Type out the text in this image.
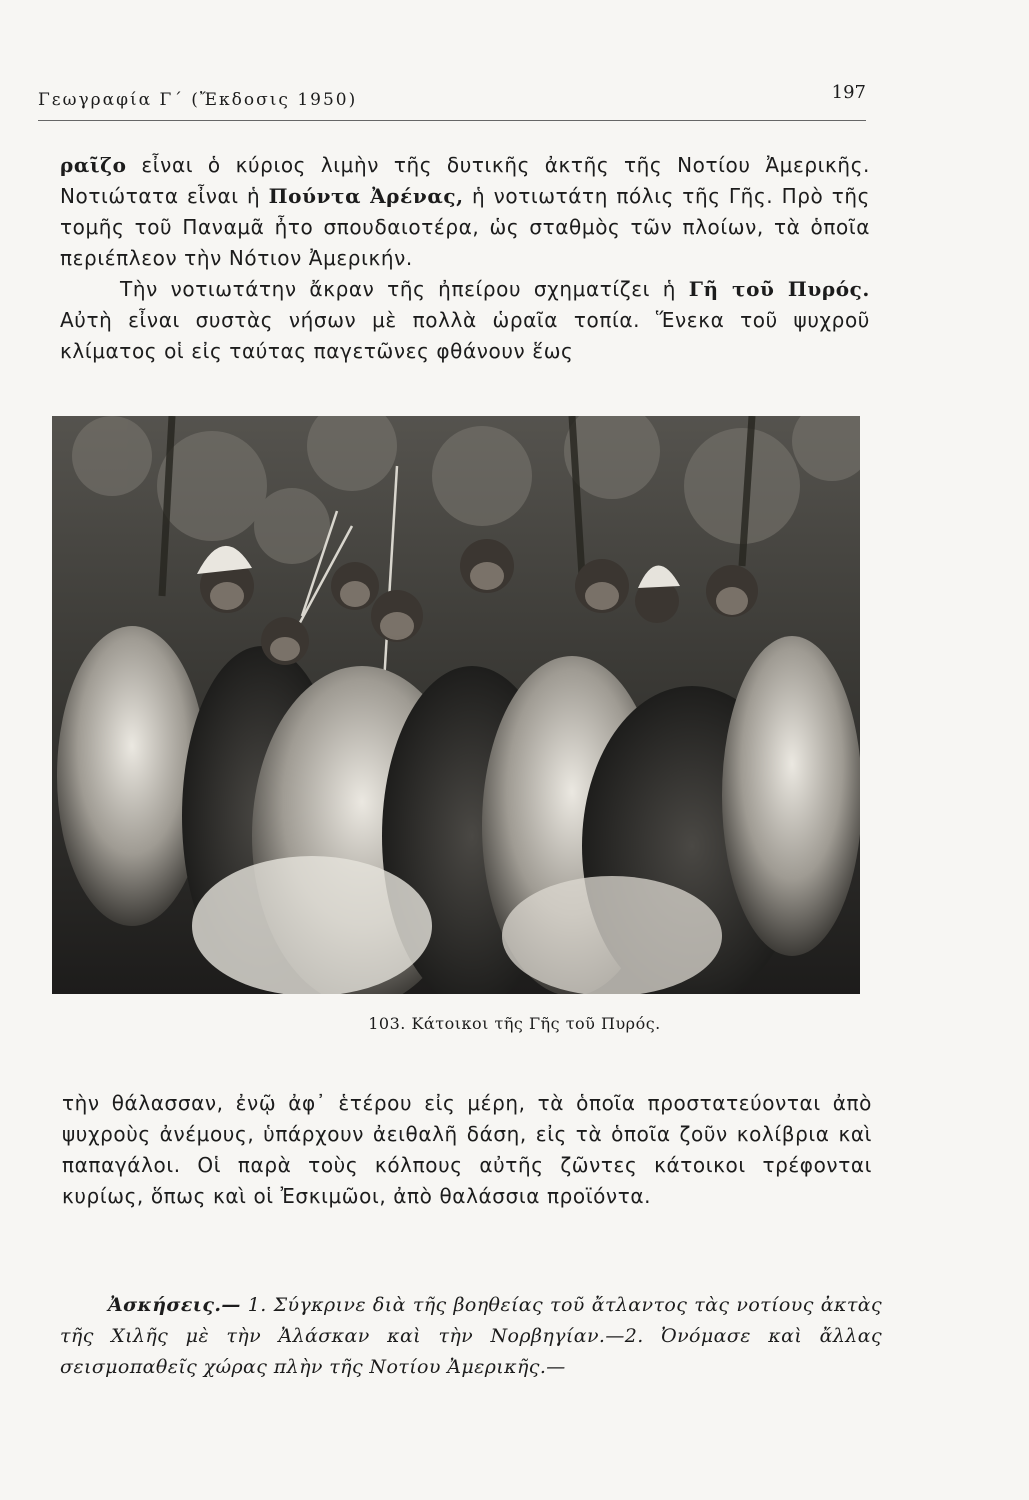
Γεωγραφία Γ΄ (Ἔκδοσις 1950)	197
ραῖζο εἶναι ὁ κύριος λιμὴν τῆς δυτικῆς ἀκτῆς τῆς Νοτίου Ἀμερικῆς. Νοτιώτατα εἶναι ἡ Πούντα Ἀρένας, ἡ νοτιωτάτη πόλις τῆς Γῆς. Πρὸ τῆς τομῆς τοῦ Παναμᾶ ἦτο σπουδαιοτέρα, ὡς σταθμὸς τῶν πλοίων, τὰ ὁποῖα περιέπλεον τὴν Νότιον Ἀμερικήν.
Τὴν νοτιωτάτην ἄκραν τῆς ἠπείρου σχηματίζει ἡ Γῆ τοῦ Πυρός. Αὐτὴ εἶναι συστὰς νήσων μὲ πολλὰ ὡραῖα τοπία. Ἕνεκα τοῦ ψυχροῦ κλίματος οἱ εἰς ταύτας παγετῶνες φθάνουν ἕως
103. Κάτοικοι τῆς Γῆς τοῦ Πυρός.

τὴν θάλασσαν, ἐνῷ ἀφ᾿ ἑτέρου εἰς μέρη, τὰ ὁποῖα προστατεύονται ἀπὸ ψυχροὺς ἀνέμους, ὑπάρχουν ἀειθαλῆ δάση, εἰς τὰ ὁποῖα ζοῦν κολίβρια καὶ παπαγάλοι. Οἱ παρὰ τοὺς κόλπους αὐτῆς ζῶντες κάτοικοι τρέφονται κυρίως, ὅπως καὶ οἱ Ἐσκιμῶοι, ἀπὸ θαλάσσια προϊόντα.

Ἀσκήσεις.— 1. Σύγκρινε διὰ τῆς βοηθείας τοῦ ἄτλαντος τὰς νοτίους ἀκτὰς τῆς Χιλῆς μὲ τὴν Ἀλάσκαν καὶ τὴν Νορβηγίαν.—2. Ὀνόμασε καὶ ἄλλας σεισμοπαθεῖς χώρας πλὴν τῆς Νοτίου Ἀμερικῆς.—
